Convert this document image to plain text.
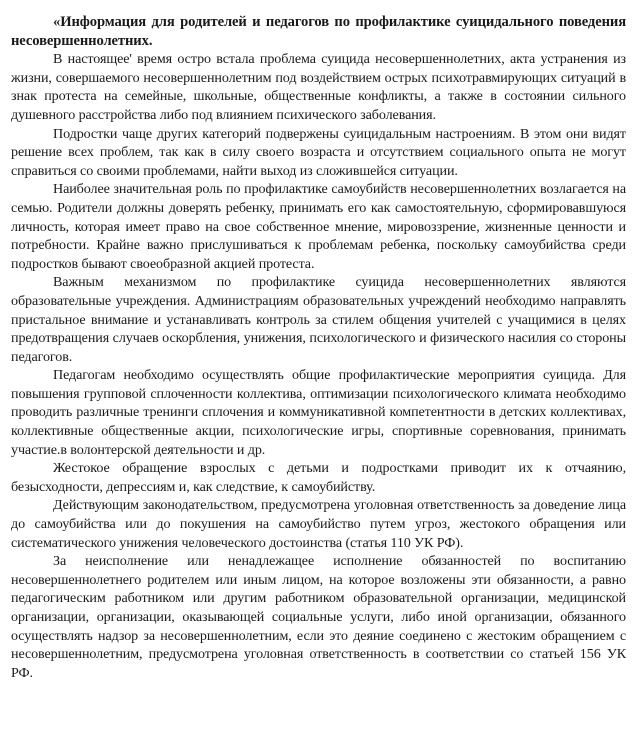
«Информация для родителей и педагогов по профилактике суицидального поведения несовершеннолетних.

В настоящее' время остро встала проблема суицида несовершеннолетних, акта устранения из жизни, совершаемого несовершеннолетним под воздействием острых психотравмирующих ситуаций в знак протеста на семейные, школьные, общественные конфликты, а также в состоянии сильного душевного расстройства либо под влиянием психического заболевания.

Подростки чаще других категорий подвержены суицидальным настроениям. В этом они видят решение всех проблем, так как в силу своего возраста и отсутствием социального опыта не могут справиться со своими проблемами, найти выход из сложившейся ситуации.

Наиболее значительная роль по профилактике самоубийств несовершеннолетних возлагается на семью. Родители должны доверять ребенку, принимать его как самостоятельную, сформировавшуюся личность, которая имеет право на свое собственное мнение, мировоззрение, жизненные ценности и потребности. Крайне важно прислушиваться к проблемам ребенка, поскольку самоубийства среди подростков бывают своеобразной акцией протеста.

Важным механизмом по профилактике суицида несовершеннолетних являются образовательные учреждения. Администрациям образовательных учреждений необходимо направлять пристальное внимание и устанавливать контроль за стилем общения учителей с учащимися в целях предотвращения случаев оскорбления, унижения, психологического и физического насилия со стороны педагогов.

Педагогам необходимо осуществлять общие профилактические мероприятия суицида. Для повышения групповой сплоченности коллектива, оптимизации психологического климата необходимо проводить различные тренинги сплочения и коммуникативной компетентности в детских коллективах, коллективные общественные акции, психологические игры, спортивные соревнования, принимать участие.в волонтерской деятельности и др.

Жестокое обращение взрослых с детьми и подростками приводит их к отчаянию, безысходности, депрессиям и, как следствие, к самоубийству.

Действующим законодательством, предусмотрена уголовная ответственность за доведение лица до самоубийства или до покушения на самоубийство путем угроз, жестокого обращения или систематического унижения человеческого достоинства (статья 110 УК РФ).

За неисполнение или ненадлежащее исполнение обязанностей по воспитанию несовершеннолетнего родителем или иным лицом, на которое возложены эти обязанности, а равно педагогическим работником или другим работником образовательной организации, медицинской организации, организации, оказывающей социальные услуги, либо иной организации, обязанного осуществлять надзор за несовершеннолетним, если это деяние соединено с жестоким обращением с несовершеннолетним, предусмотрена уголовная ответственность в соответствии со статьей 156 УК РФ.
